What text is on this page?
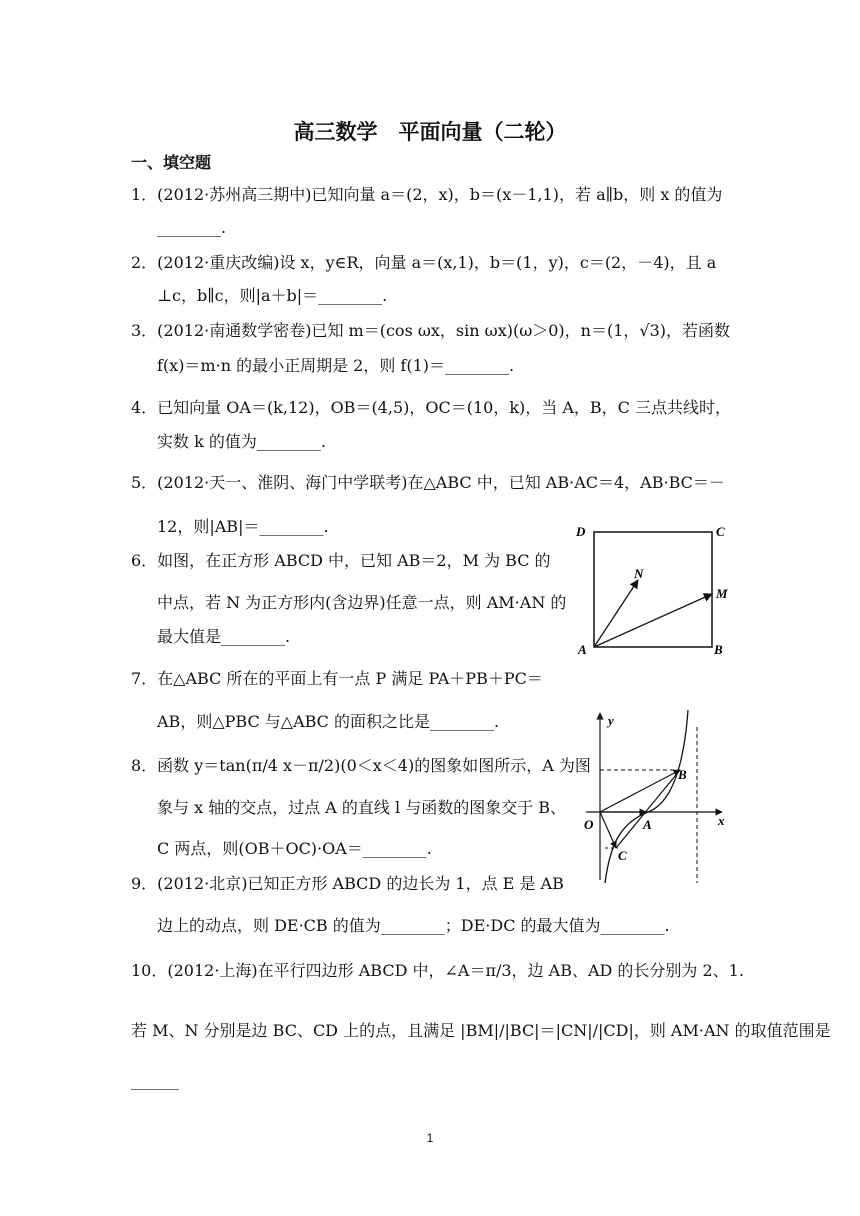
高三数学　平面向量（二轮）
一、填空题
1．(2012·苏州高三期中)已知向量 a＝(2，x)，b＝(x－1,1)，若 a∥b，则 x 的值为
________.
2．(2012·重庆改编)设 x，y∈R，向量 a＝(x,1)，b＝(1，y)，c＝(2，－4)，且 a
⊥c，b∥c，则|a＋b|＝________.
3．(2012·南通数学密卷)已知 m＝(cos ωx，sin ωx)(ω＞0)，n＝(1，√3)，若函数
f(x)＝m·n 的最小正周期是 2，则 f(1)＝________.
4．已知向量 OA＝(k,12)，OB＝(4,5)，OC＝(10，k)，当 A，B，C 三点共线时，
实数 k 的值为________.
5．(2012·天一、淮阴、海门中学联考)在△ABC 中，已知 AB·AC＝4，AB·BC＝－
12，则|AB|＝________.
6．如图，在正方形 ABCD 中，已知 AB＝2，M 为 BC 的
中点，若 N 为正方形内(含边界)任意一点，则 AM·AN 的
最大值是________.
7．在△ABC 所在的平面上有一点 P 满足 PA＋PB＋PC＝
AB，则△PBC 与△ABC 的面积之比是________.
8．函数 y＝tan(π/4 x－π/2)(0＜x＜4)的图象如图所示，A 为图
象与 x 轴的交点，过点 A 的直线 l 与函数的图象交于 B、
C 两点，则(OB＋OC)·OA＝________.
9．(2012·北京)已知正方形 ABCD 的边长为 1，点 E 是 AB
边上的动点，则 DE·CB 的值为________；DE·DC 的最大值为________.
10．(2012·上海)在平行四边形 ABCD 中，∠A＝π/3，边 AB、AD 的长分别为 2、1.
若 M、N 分别是边 BC、CD 上的点，且满足 |BM|/|BC|＝|CN|/|CD|，则 AM·AN 的取值范围是
______
D	C
N
M
A	B
y
B
O	A	x
C
1
